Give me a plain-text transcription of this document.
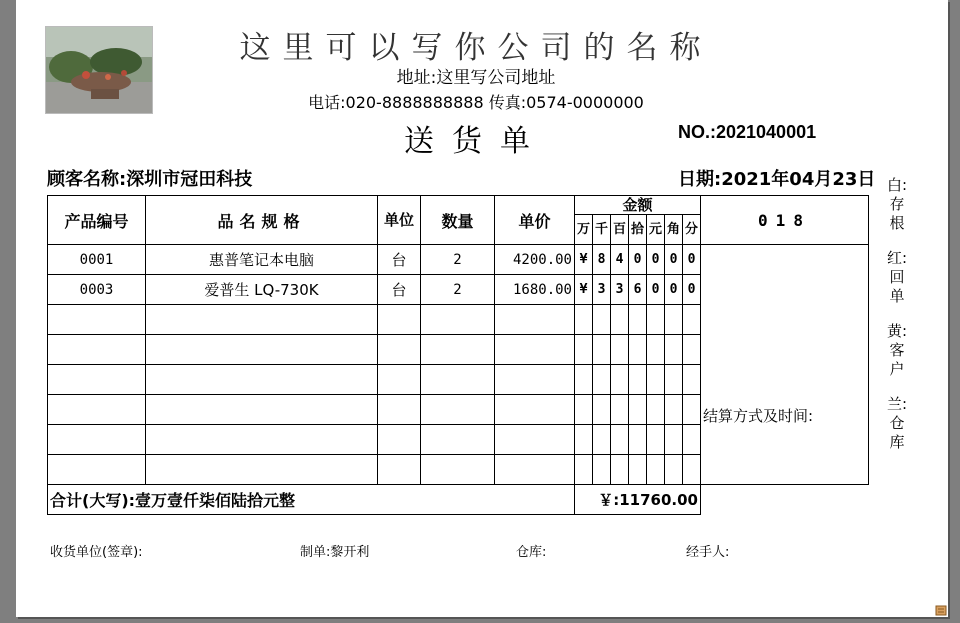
这里可以写你公司的名称
地址:这里写公司地址
电话:020-8888888888 传真:0574-0000000
送货单	NO.:2021040001
顾客名称:深圳市冠田科技	日期:2021年04月23日 白:存根
红:回单
黄:客户
兰:仓库
产品编号	品名规格	单位	数量	单价	金额							018
					万	千	百	拾	元	角	分	
0001	惠普笔记本电脑	台	2	4200.00	¥	8	4	0	0	0	0	结算方式及时间:

0003	爱普生 LQ-730K	台	2	1680.00	¥	3	3	6	0	0	0	

合计(大写):壹万壹仟柒佰陆拾元整					￥:11760.00							
收货单位(签章):	制单:黎开利	仓库:	经手人:
